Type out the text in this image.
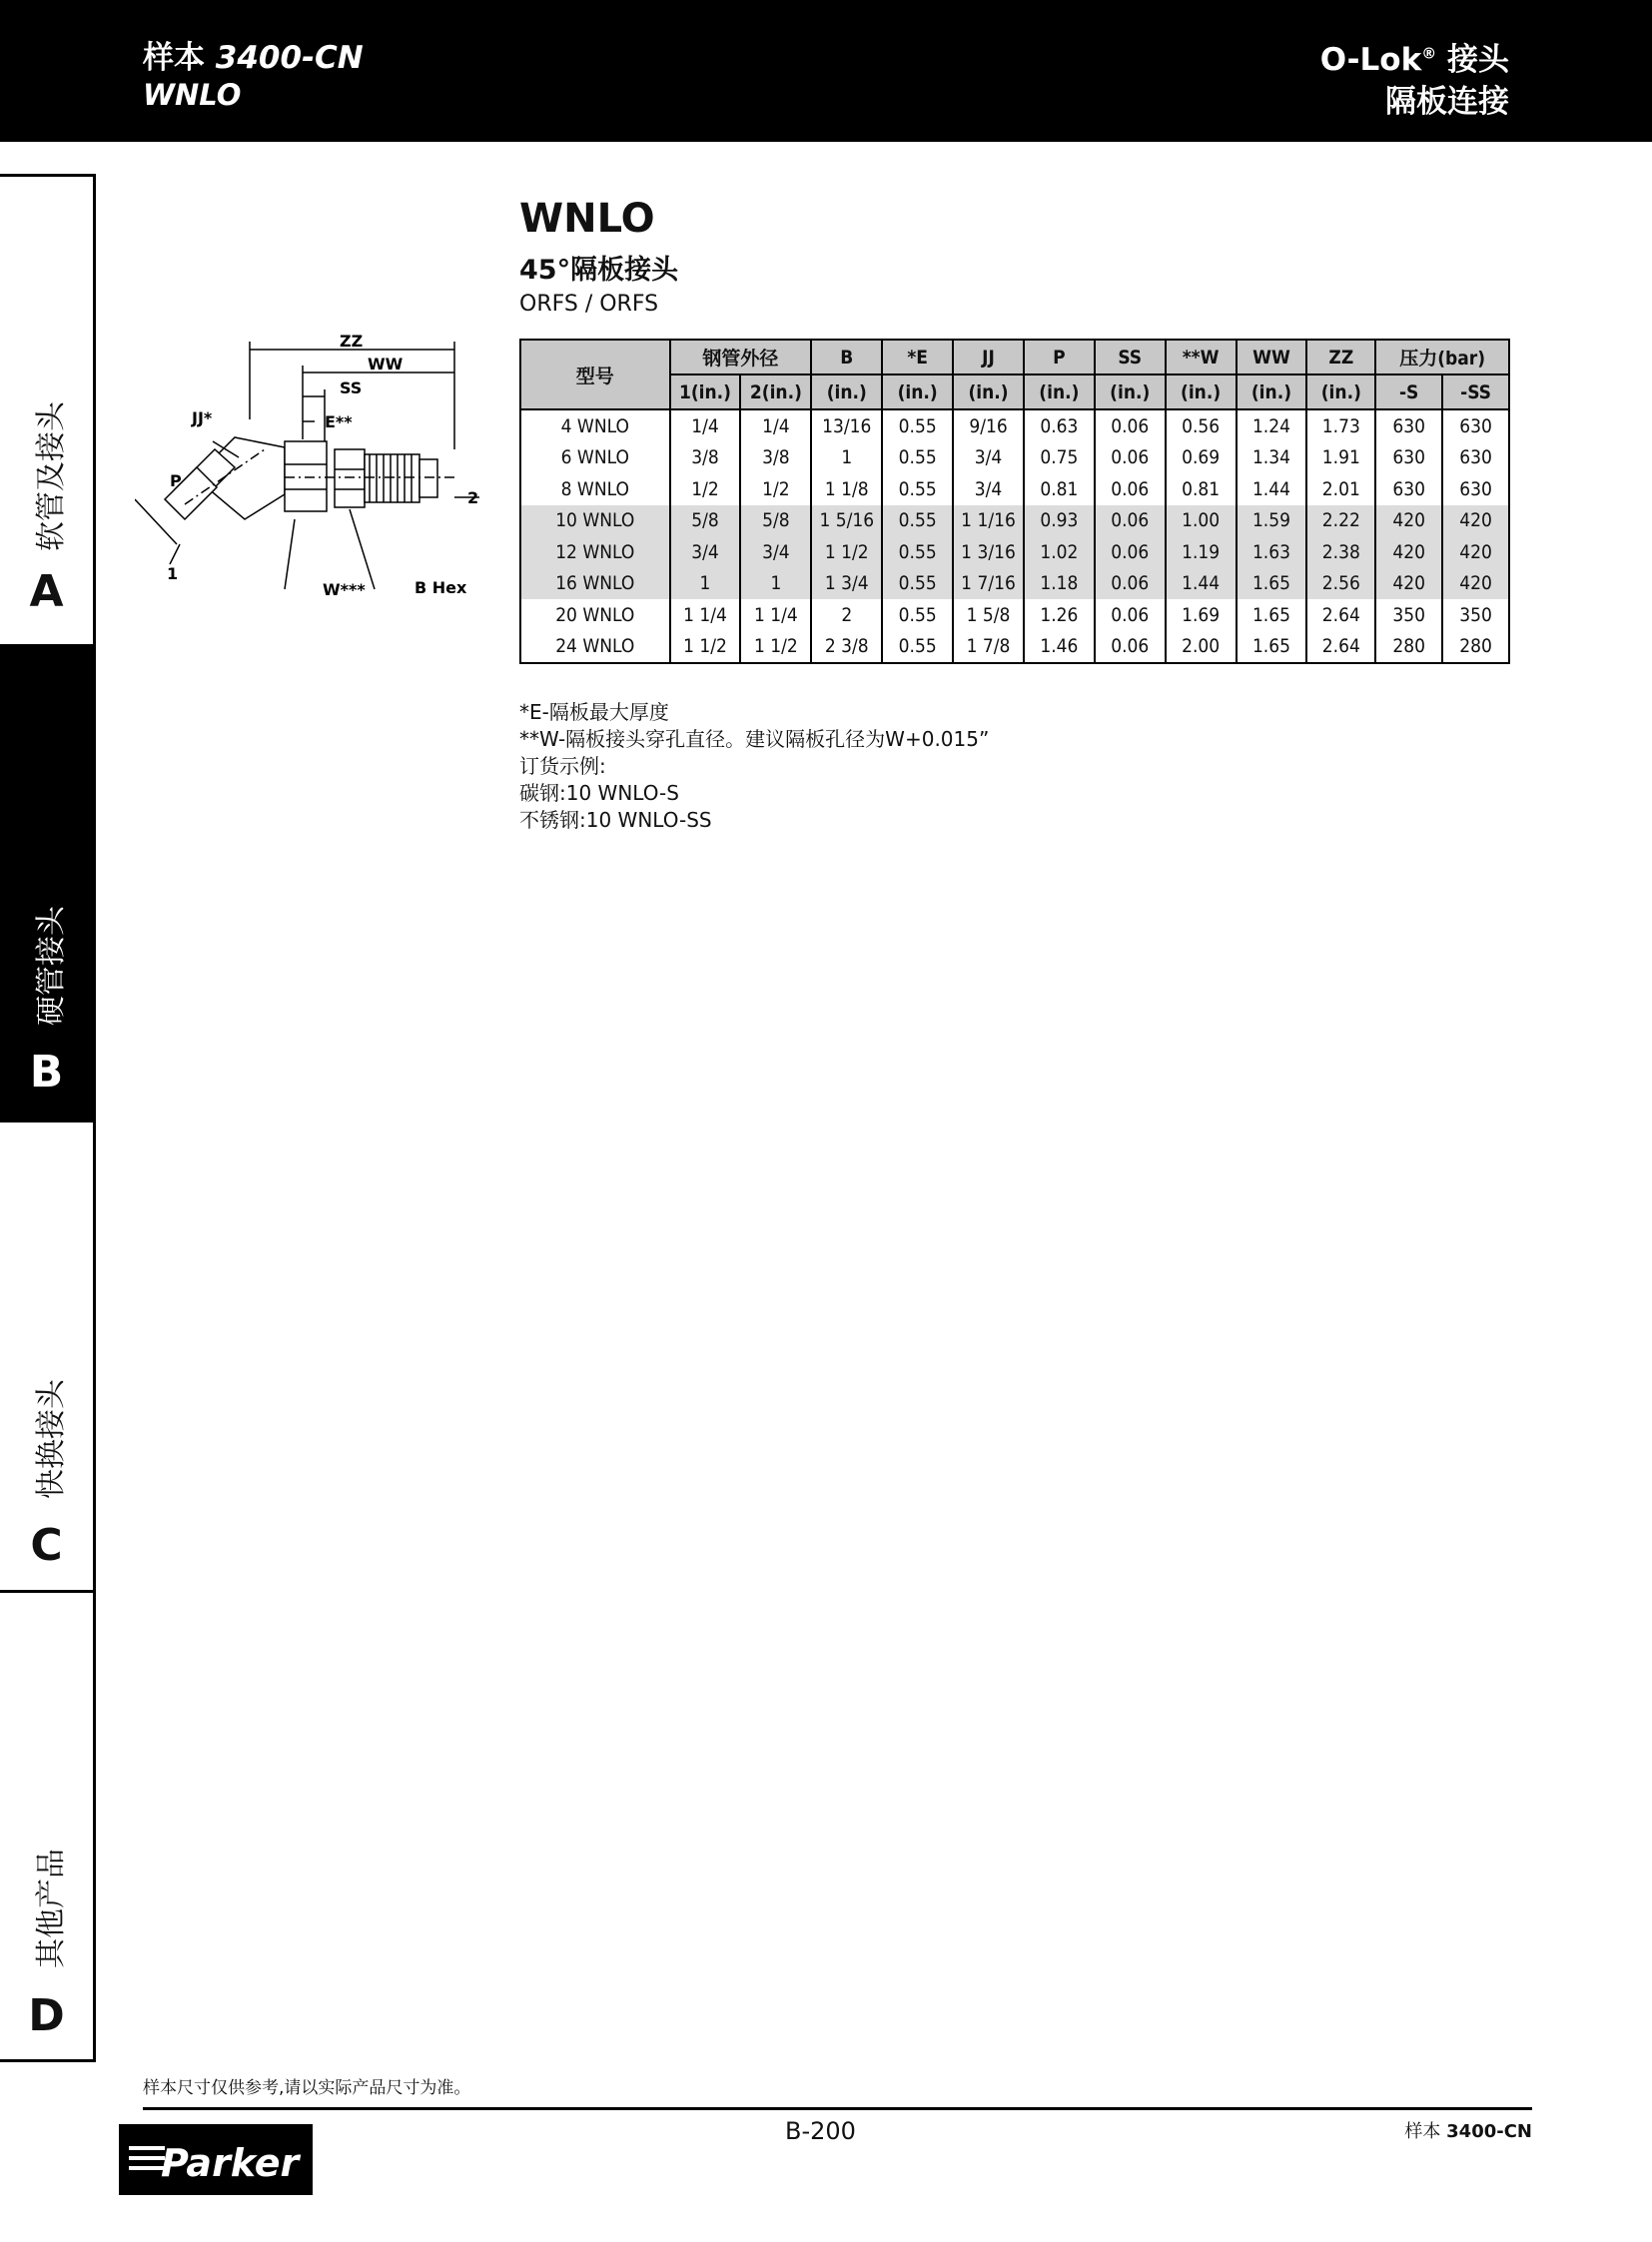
样本 3400-CN
WNLO
O-Lok® 接头
隔板连接
软管及接头
A
硬管接头
B
快换接头
C
其他产品
D
WNLO
45°隔板接头
ORFS / ORFS
ZZ
WW
SS
E**
JJ*
P
1
2
W***	B Hex
型号	钢管外径		B	*E	JJ	P	SS	**W	WW	ZZ	压力(bar)	
	1(in.)	2(in.)	(in.)	(in.)	(in.)	(in.)	(in.)	(in.)	(in.)	(in.)	-S	-SS
4 WNLO	1/4	1/4	13/16	0.55	9/16	0.63	0.06	0.56	1.24	1.73	630	630
6 WNLO	3/8	3/8	1	0.55	3/4	0.75	0.06	0.69	1.34	1.91	630	630
8 WNLO	1/2	1/2	1 1/8	0.55	3/4	0.81	0.06	0.81	1.44	2.01	630	630
10 WNLO	5/8	5/8	1 5/16	0.55	1 1/16	0.93	0.06	1.00	1.59	2.22	420	420
12 WNLO	3/4	3/4	1 1/2	0.55	1 3/16	1.02	0.06	1.19	1.63	2.38	420	420
16 WNLO	1	1	1 3/4	0.55	1 7/16	1.18	0.06	1.44	1.65	2.56	420	420
20 WNLO	1 1/4	1 1/4	2	0.55	1 5/8	1.26	0.06	1.69	1.65	2.64	350	350
24 WNLO	1 1/2	1 1/2	2 3/8	0.55	1 7/8	1.46	0.06	2.00	1.65	2.64	280	280
*E-隔板最大厚度
**W-隔板接头穿孔直径。建议隔板孔径为W+0.015”
订货示例:
碳钢:10 WNLO-S
不锈钢:10 WNLO-SS
样本尺寸仅供参考,请以实际产品尺寸为准。
B-200	样本 3400-CN
Parker
